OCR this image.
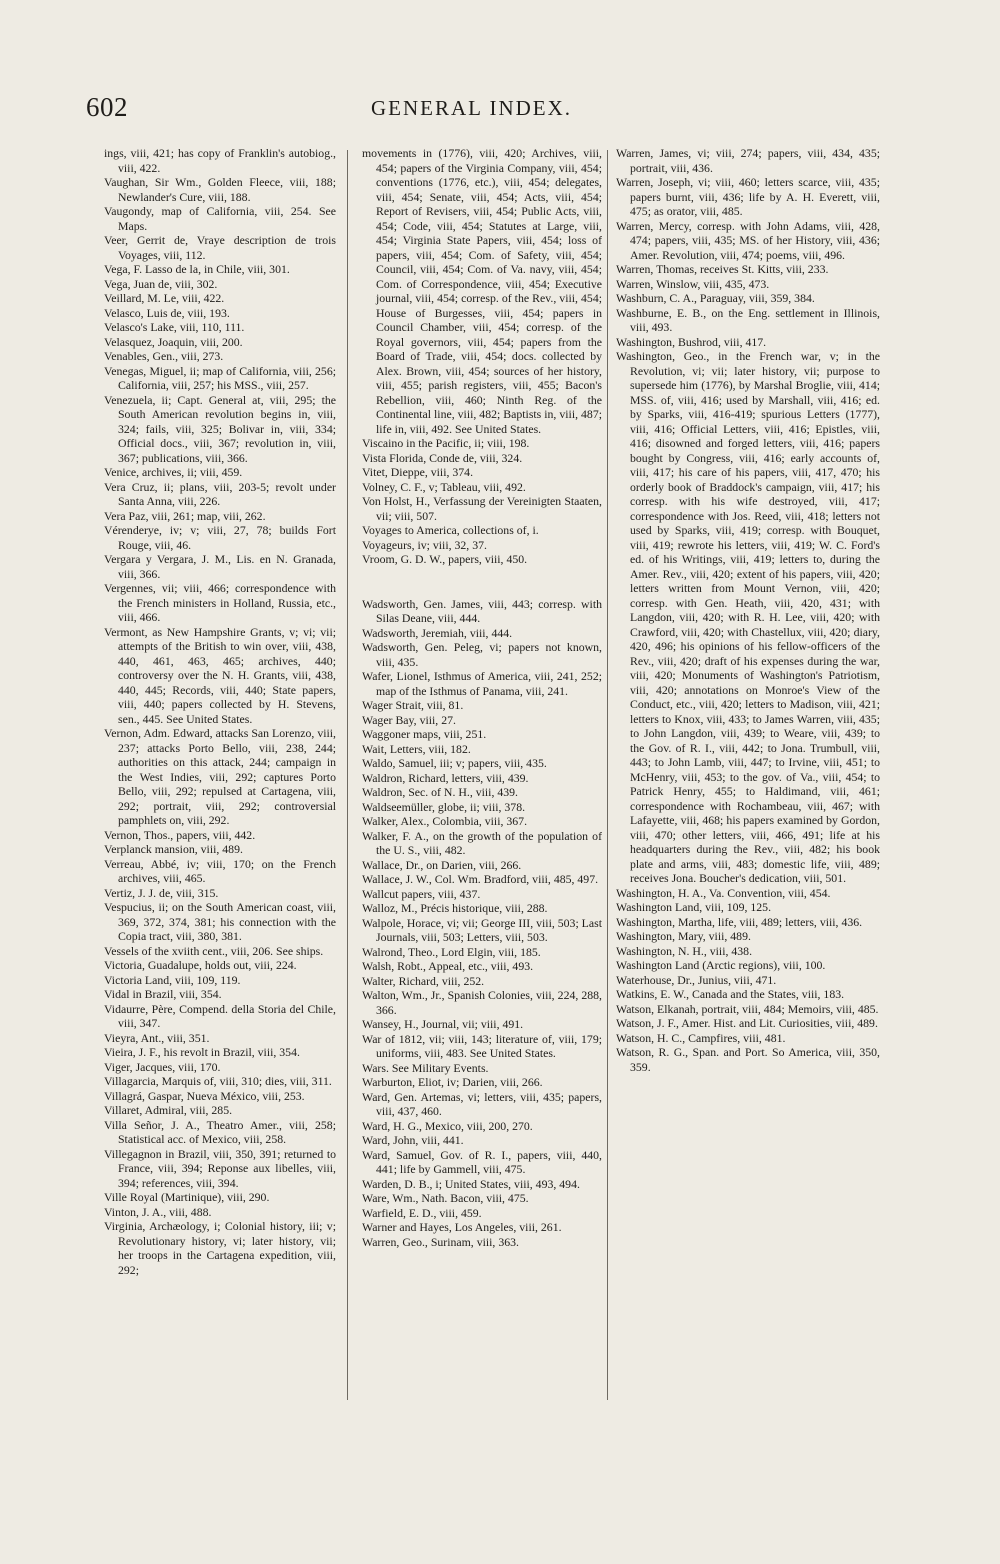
602	GENERAL INDEX.

ings, viii, 421; has copy of Franklin's autobiog., viii, 422.

Vaughan, Sir Wm., Golden Fleece, viii, 188; Newlander's Cure, viii, 188.

Vaugondy, map of California, viii, 254. See Maps.

Veer, Gerrit de, Vraye description de trois Voyages, viii, 112.

Vega, F. Lasso de la, in Chile, viii, 301.

Vega, Juan de, viii, 302.

Veillard, M. Le, viii, 422.

Velasco, Luis de, viii, 193.

Velasco's Lake, viii, 110, 111.

Velasquez, Joaquin, viii, 200.

Venables, Gen., viii, 273.

Venegas, Miguel, ii; map of California, viii, 256; California, viii, 257; his MSS., viii, 257.

Venezuela, ii; Capt. General at, viii, 295; the South American revolution begins in, viii, 324; fails, viii, 325; Bolivar in, viii, 334; Official docs., viii, 367; revolution in, viii, 367; publications, viii, 366.

Venice, archives, ii; viii, 459.

Vera Cruz, ii; plans, viii, 203-5; revolt under Santa Anna, viii, 226.

Vera Paz, viii, 261; map, viii, 262.

Vérenderye, iv; v; viii, 27, 78; builds Fort Rouge, viii, 46.

Vergara y Vergara, J. M., Lis. en N. Granada, viii, 366.

Vergennes, vii; viii, 466; correspondence with the French ministers in Holland, Russia, etc., viii, 466.

Vermont, as New Hampshire Grants, v; vi; vii; attempts of the British to win over, viii, 438, 440, 461, 463, 465; archives, 440; controversy over the N. H. Grants, viii, 438, 440, 445; Records, viii, 440; State papers, viii, 440; papers collected by H. Stevens, sen., 445. See United States.

Vernon, Adm. Edward, attacks San Lorenzo, viii, 237; attacks Porto Bello, viii, 238, 244; authorities on this attack, 244; campaign in the West Indies, viii, 292; captures Porto Bello, viii, 292; repulsed at Cartagena, viii, 292; portrait, viii, 292; controversial pamphlets on, viii, 292.

Vernon, Thos., papers, viii, 442.

Verplanck mansion, viii, 489.

Verreau, Abbé, iv; viii, 170; on the French archives, viii, 465.

Vertiz, J. J. de, viii, 315.

Vespucius, ii; on the South American coast, viii, 369, 372, 374, 381; his connection with the Copia tract, viii, 380, 381.

Vessels of the xviith cent., viii, 206. See ships.

Victoria, Guadalupe, holds out, viii, 224.

Victoria Land, viii, 109, 119.

Vidal in Brazil, viii, 354.

Vidaurre, Père, Compend. della Storia del Chile, viii, 347.

Vieyra, Ant., viii, 351.

Vieira, J. F., his revolt in Brazil, viii, 354.

Viger, Jacques, viii, 170.

Villagarcia, Marquis of, viii, 310; dies, viii, 311.

Villagrá, Gaspar, Nueva México, viii, 253.

Villaret, Admiral, viii, 285.

Villa Señor, J. A., Theatro Amer., viii, 258; Statistical acc. of Mexico, viii, 258.

Villegagnon in Brazil, viii, 350, 391; returned to France, viii, 394; Reponse aux libelles, viii, 394; references, viii, 394.

Ville Royal (Martinique), viii, 290.

Vinton, J. A., viii, 488.

Virginia, Archæology, i; Colonial history, iii; v; Revolutionary history, vi; later history, vii; her troops in the Cartagena expedition, viii, 292;

movements in (1776), viii, 420; Archives, viii, 454; papers of the Virginia Company, viii, 454; conventions (1776, etc.), viii, 454; delegates, viii, 454; Senate, viii, 454; Acts, viii, 454; Report of Revisers, viii, 454; Public Acts, viii, 454; Code, viii, 454; Statutes at Large, viii, 454; Virginia State Papers, viii, 454; loss of papers, viii, 454; Com. of Safety, viii, 454; Council, viii, 454; Com. of Va. navy, viii, 454; Com. of Correspondence, viii, 454; Executive journal, viii, 454; corresp. of the Rev., viii, 454; House of Burgesses, viii, 454; papers in Council Chamber, viii, 454; corresp. of the Royal governors, viii, 454; papers from the Board of Trade, viii, 454; docs. collected by Alex. Brown, viii, 454; sources of her history, viii, 455; parish registers, viii, 455; Bacon's Rebellion, viii, 460; Ninth Reg. of the Continental line, viii, 482; Baptists in, viii, 487; life in, viii, 492. See United States.

Viscaino in the Pacific, ii; viii, 198.

Vista Florida, Conde de, viii, 324.

Vitet, Dieppe, viii, 374.

Volney, C. F., v; Tableau, viii, 492.

Von Holst, H., Verfassung der Vereinigten Staaten, vii; viii, 507.

Voyages to America, collections of, i.

Voyageurs, iv; viii, 32, 37.

Vroom, G. D. W., papers, viii, 450.

Wadsworth, Gen. James, viii, 443; corresp. with Silas Deane, viii, 444.

Wadsworth, Jeremiah, viii, 444.

Wadsworth, Gen. Peleg, vi; papers not known, viii, 435.

Wafer, Lionel, Isthmus of America, viii, 241, 252; map of the Isthmus of Panama, viii, 241.

Wager Strait, viii, 81.

Wager Bay, viii, 27.

Waggoner maps, viii, 251.

Wait, Letters, viii, 182.

Waldo, Samuel, iii; v; papers, viii, 435.

Waldron, Richard, letters, viii, 439.

Waldron, Sec. of N. H., viii, 439.

Waldseemüller, globe, ii; viii, 378.

Walker, Alex., Colombia, viii, 367.

Walker, F. A., on the growth of the population of the U. S., viii, 482.

Wallace, Dr., on Darien, viii, 266.

Wallace, J. W., Col. Wm. Bradford, viii, 485, 497.

Wallcut papers, viii, 437.

Walloz, M., Précis historique, viii, 288.

Walpole, Horace, vi; vii; George III, viii, 503; Last Journals, viii, 503; Letters, viii, 503.

Walrond, Theo., Lord Elgin, viii, 185.

Walsh, Robt., Appeal, etc., viii, 493.

Walter, Richard, viii, 252.

Walton, Wm., Jr., Spanish Colonies, viii, 224, 288, 366.

Wansey, H., Journal, vii; viii, 491.

War of 1812, vii; viii, 143; literature of, viii, 179; uniforms, viii, 483. See United States.

Wars. See Military Events.

Warburton, Eliot, iv; Darien, viii, 266.

Ward, Gen. Artemas, vi; letters, viii, 435; papers, viii, 437, 460.

Ward, H. G., Mexico, viii, 200, 270.

Ward, John, viii, 441.

Ward, Samuel, Gov. of R. I., papers, viii, 440, 441; life by Gammell, viii, 475.

Warden, D. B., i; United States, viii, 493, 494.

Ware, Wm., Nath. Bacon, viii, 475.

Warfield, E. D., viii, 459.

Warner and Hayes, Los Angeles, viii, 261.

Warren, Geo., Surinam, viii, 363.

Warren, James, vi; viii, 274; papers, viii, 434, 435; portrait, viii, 436.

Warren, Joseph, vi; viii, 460; letters scarce, viii, 435; papers burnt, viii, 436; life by A. H. Everett, viii, 475; as orator, viii, 485.

Warren, Mercy, corresp. with John Adams, viii, 428, 474; papers, viii, 435; MS. of her History, viii, 436; Amer. Revolution, viii, 474; poems, viii, 496.

Warren, Thomas, receives St. Kitts, viii, 233.

Warren, Winslow, viii, 435, 473.

Washburn, C. A., Paraguay, viii, 359, 384.

Washburne, E. B., on the Eng. settlement in Illinois, viii, 493.

Washington, Bushrod, viii, 417.

Washington, Geo., in the French war, v; in the Revolution, vi; vii; later history, vii; purpose to supersede him (1776), by Marshal Broglie, viii, 414; MSS. of, viii, 416; used by Marshall, viii, 416; ed. by Sparks, viii, 416-419; spurious Letters (1777), viii, 416; Official Letters, viii, 416; Epistles, viii, 416; disowned and forged letters, viii, 416; papers bought by Congress, viii, 416; early accounts of, viii, 417; his care of his papers, viii, 417, 470; his orderly book of Braddock's campaign, viii, 417; his corresp. with his wife destroyed, viii, 417; correspondence with Jos. Reed, viii, 418; letters not used by Sparks, viii, 419; corresp. with Bouquet, viii, 419; rewrote his letters, viii, 419; W. C. Ford's ed. of his Writings, viii, 419; letters to, during the Amer. Rev., viii, 420; extent of his papers, viii, 420; letters written from Mount Vernon, viii, 420; corresp. with Gen. Heath, viii, 420, 431; with Langdon, viii, 420; with R. H. Lee, viii, 420; with Crawford, viii, 420; with Chastellux, viii, 420; diary, 420, 496; his opinions of his fellow-officers of the Rev., viii, 420; draft of his expenses during the war, viii, 420; Monuments of Washington's Patriotism, viii, 420; annotations on Monroe's View of the Conduct, etc., viii, 420; letters to Madison, viii, 421; letters to Knox, viii, 433; to James Warren, viii, 435; to John Langdon, viii, 439; to Weare, viii, 439; to the Gov. of R. I., viii, 442; to Jona. Trumbull, viii, 443; to John Lamb, viii, 447; to Irvine, viii, 451; to McHenry, viii, 453; to the gov. of Va., viii, 454; to Patrick Henry, 455; to Haldimand, viii, 461; correspondence with Rochambeau, viii, 467; with Lafayette, viii, 468; his papers examined by Gordon, viii, 470; other letters, viii, 466, 491; life at his headquarters during the Rev., viii, 482; his book plate and arms, viii, 483; domestic life, viii, 489; receives Jona. Boucher's dedication, viii, 501.

Washington, H. A., Va. Convention, viii, 454.

Washington Land, viii, 109, 125.

Washington, Martha, life, viii, 489; letters, viii, 436.

Washington, Mary, viii, 489.

Washington, N. H., viii, 438.

Washington Land (Arctic regions), viii, 100.

Waterhouse, Dr., Junius, viii, 471.

Watkins, E. W., Canada and the States, viii, 183.

Watson, Elkanah, portrait, viii, 484; Memoirs, viii, 485.

Watson, J. F., Amer. Hist. and Lit. Curiosities, viii, 489.

Watson, H. C., Campfires, viii, 481.

Watson, R. G., Span. and Port. So America, viii, 350, 359.
